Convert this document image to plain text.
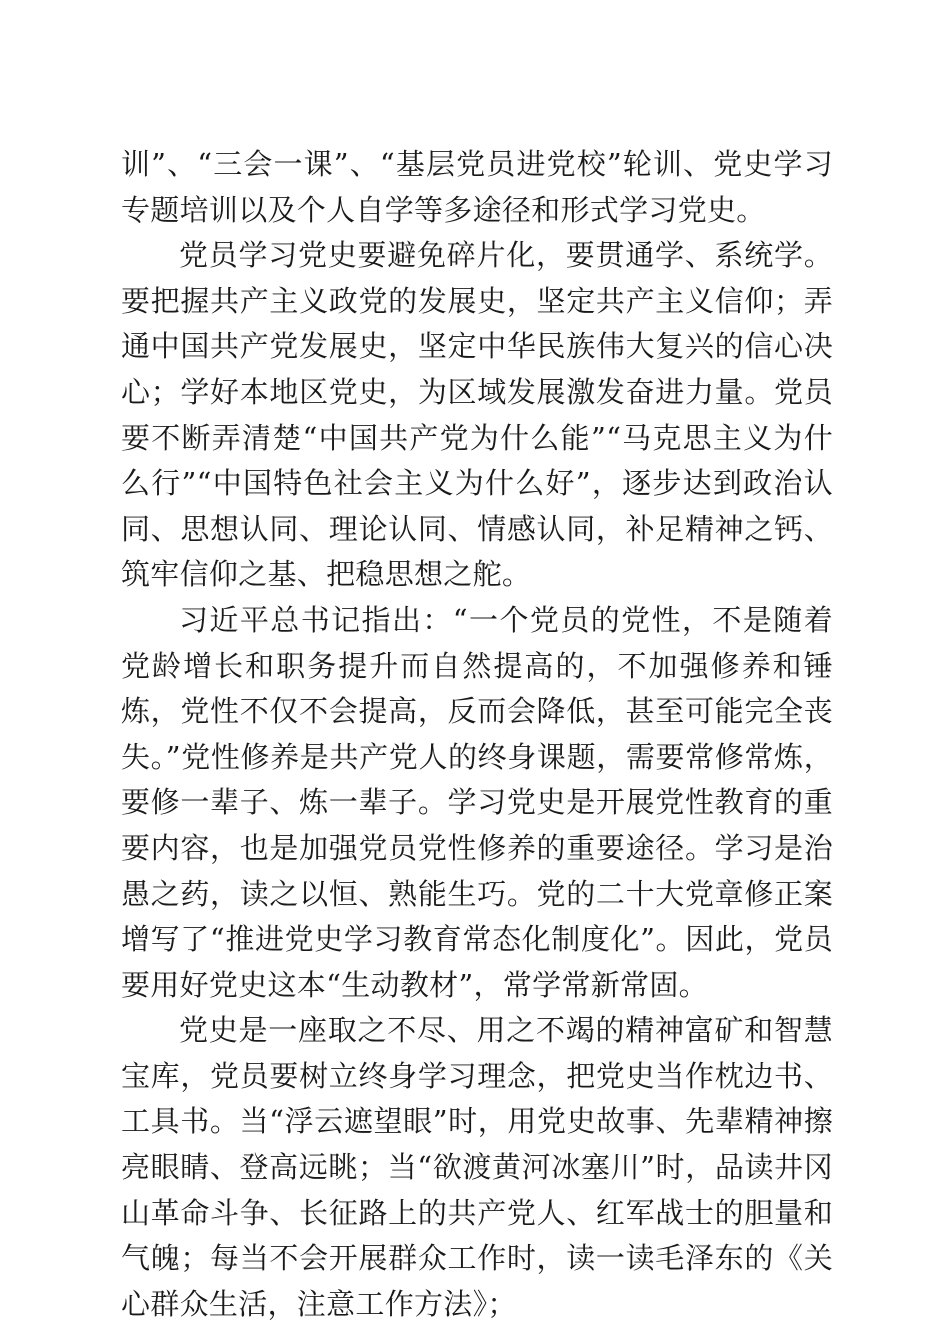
训”、“三会一课”、“基层党员进党校”轮训、党史学习专题培训以及个人自学等多途径和形式学习党史。

党员学习党史要避免碎片化，要贯通学、系统学。要把握共产主义政党的发展史，坚定共产主义信仰；弄通中国共产党发展史，坚定中华民族伟大复兴的信心决心；学好本地区党史，为区域发展激发奋进力量。党员要不断弄清楚“中国共产党为什么能”“马克思主义为什么行”“中国特色社会主义为什么好”，逐步达到政治认同、思想认同、理论认同、情感认同，补足精神之钙、筑牢信仰之基、把稳思想之舵。

习近平总书记指出：“一个党员的党性，不是随着党龄增长和职务提升而自然提高的，不加强修养和锤炼，党性不仅不会提高，反而会降低，甚至可能完全丧失。”党性修养是共产党人的终身课题，需要常修常炼，要修一辈子、炼一辈子。学习党史是开展党性教育的重要内容，也是加强党员党性修养的重要途径。学习是治愚之药，读之以恒、熟能生巧。党的二十大党章修正案增写了“推进党史学习教育常态化制度化”。因此，党员要用好党史这本“生动教材”，常学常新常固。

党史是一座取之不尽、用之不竭的精神富矿和智慧宝库，党员要树立终身学习理念，把党史当作枕边书、工具书。当“浮云遮望眼”时，用党史故事、先辈精神擦亮眼睛、登高远眺；当“欲渡黄河冰塞川”时，品读井冈山革命斗争、长征路上的共产党人、红军战士的胆量和气魄；每当不会开展群众工作时，读一读毛泽东的《关心群众生活，注意工作方法》；
